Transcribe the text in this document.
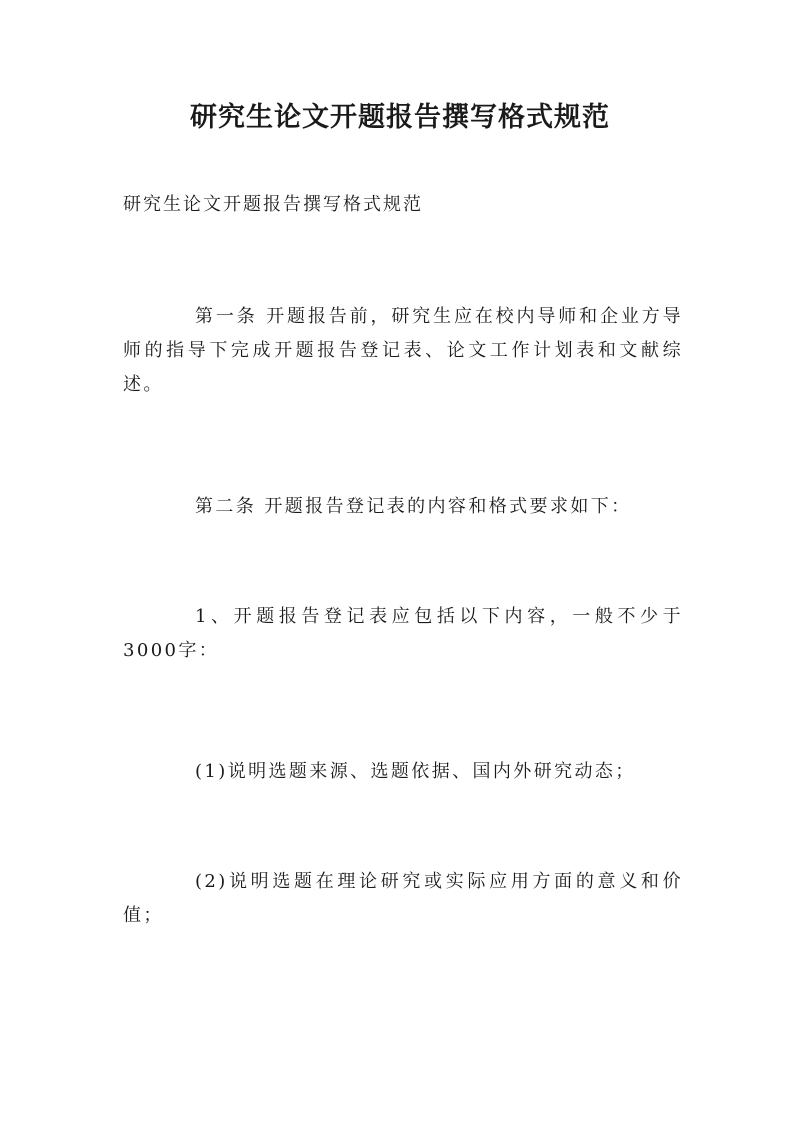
研究生论文开题报告撰写格式规范
研究生论文开题报告撰写格式规范
第一条 开题报告前，研究生应在校内导师和企业方导师的指导下完成开题报告登记表、论文工作计划表和文献综述。
第二条 开题报告登记表的内容和格式要求如下：
1、开题报告登记表应包括以下内容，一般不少于3000字：
(1)说明选题来源、选题依据、国内外研究动态；
(2)说明选题在理论研究或实际应用方面的意义和价值；
